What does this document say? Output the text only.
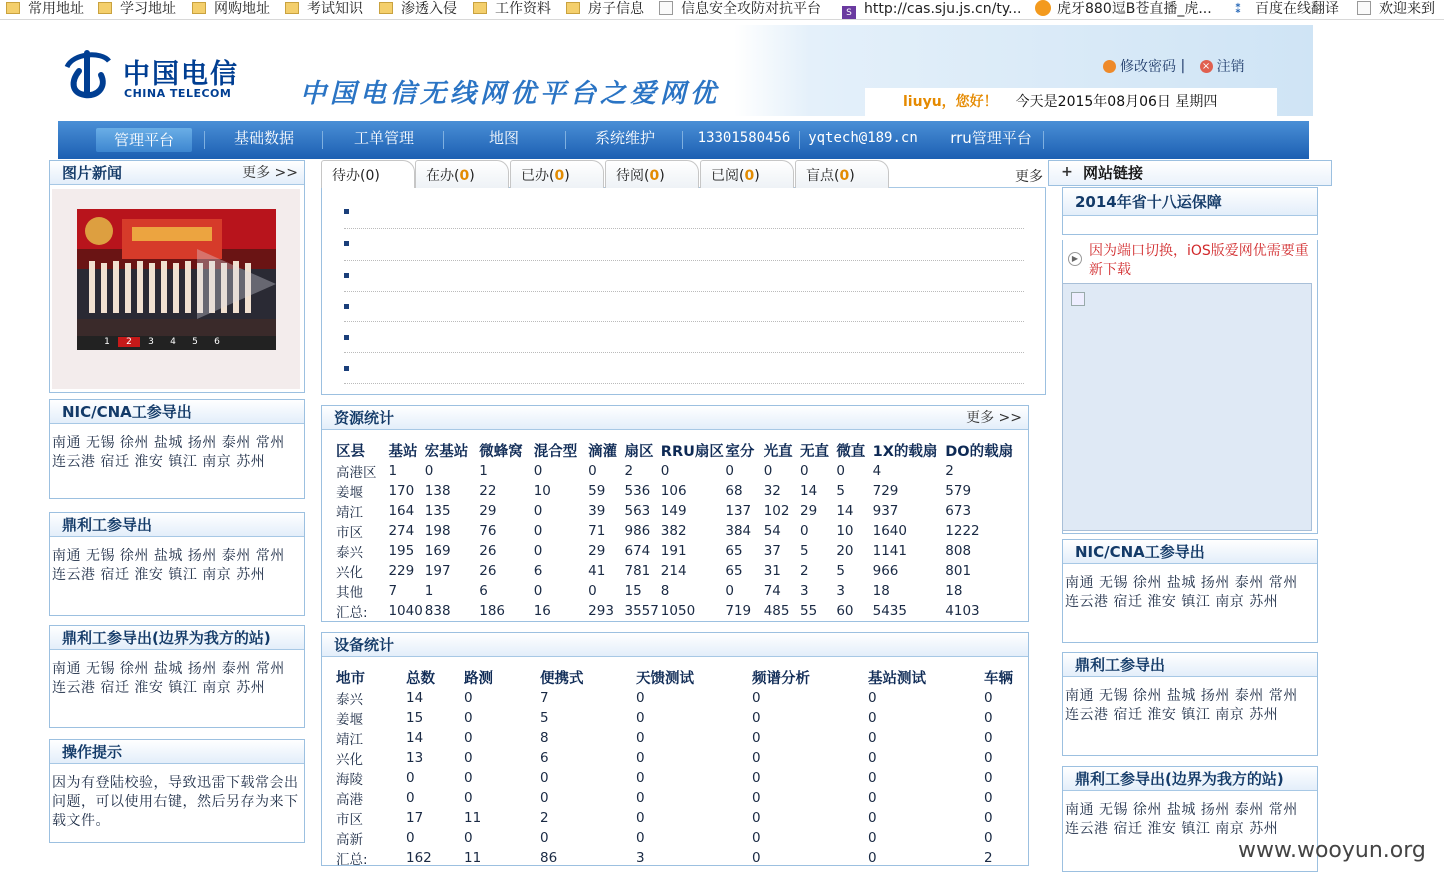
常用地址	学习地址	网购地址	考试知识	渗透入侵	工作资料	房子信息	信息安全攻防对抗平台	S http://cas.sju.js.cn/ty...	虎牙880逗B苍直播_虎... ⁑ 百度在线翻译	欢迎来到
中国电信
CHINA TELECOM	中国电信无线网优平台之爱网优
修改密码 | × 注销
liuyu，您好！ 今天是2015年08月06日 星期四
管理平台	基础数据	工单管理	地图	系统维护	13301580456 yqtech@189.cn	rru管理平台
图片新闻	更多 >>
1 2 3 4 5 6
NIC/CNA工参导出
南通 无锡 徐州 盐城 扬州 泰州 常州 连云港 宿迁 淮安 镇江 南京 苏州
鼎利工参导出
南通 无锡 徐州 盐城 扬州 泰州 常州 连云港 宿迁 淮安 镇江 南京 苏州
鼎利工参导出(边界为我方的站)
南通 无锡 徐州 盐城 扬州 泰州 常州 连云港 宿迁 淮安 镇江 南京 苏州
操作提示
因为有登陆校验，导致迅雷下载常会出问题，可以使用右键，然后另存为来下载文件。
待办(0)	在办(0)	已办(0)	待阅(0)	已阅(0)	盲点(0)	更多
资源统计	更多 >>
区县	基站	宏基站	微蜂窝	混合型	滴灌	扇区	RRU扇区	室分	光直	无直	微直	1X的载扇	DO的载扇
高港区	1	0	1	0	0	2	0	0	0	0	0	4	2
姜堰	170	138	22	10	59	536	106	68	32	14	5	729	579
靖江	164	135	29	0	39	563	149	137	102	29	14	937	673
市区	274	198	76	0	71	986	382	384	54	0	10	1640	1222
泰兴	195	169	26	0	29	674	191	65	37	5	20	1141	808
兴化	229	197	26	6	41	781	214	65	31	2	5	966	801
其他	7	1	6	0	0	15	8	0	74	3	3	18	18
汇总:	1040	838	186	16	293	3557	1050	719	485	55	60	5435	4103
设备统计
地市	总数	路测	便携式	天馈测试	频谱分析	基站测试	车辆
泰兴	14	0	7	0	0	0	0
姜堰	15	0	5	0	0	0	0
靖江	14	0	8	0	0	0	0
兴化	13	0	6	0	0	0	0
海陵	0	0	0	0	0	0	0
高港	0	0	0	0	0	0	0
市区	17	11	2	0	0	0	0
高新	0	0	0	0	0	0	0
汇总:	162	11	86	3	0	0	2
+ 网站链接
2014年省十八运保障
▶ 因为端口切换，iOS版爱网优需要重新下载
NIC/CNA工参导出
南通 无锡 徐州 盐城 扬州 泰州 常州 连云港 宿迁 淮安 镇江 南京 苏州
鼎利工参导出
南通 无锡 徐州 盐城 扬州 泰州 常州 连云港 宿迁 淮安 镇江 南京 苏州
鼎利工参导出(边界为我方的站)
南通 无锡 徐州 盐城 扬州 泰州 常州 连云港 宿迁 淮安 镇江 南京 苏州
www.wooyun.org
